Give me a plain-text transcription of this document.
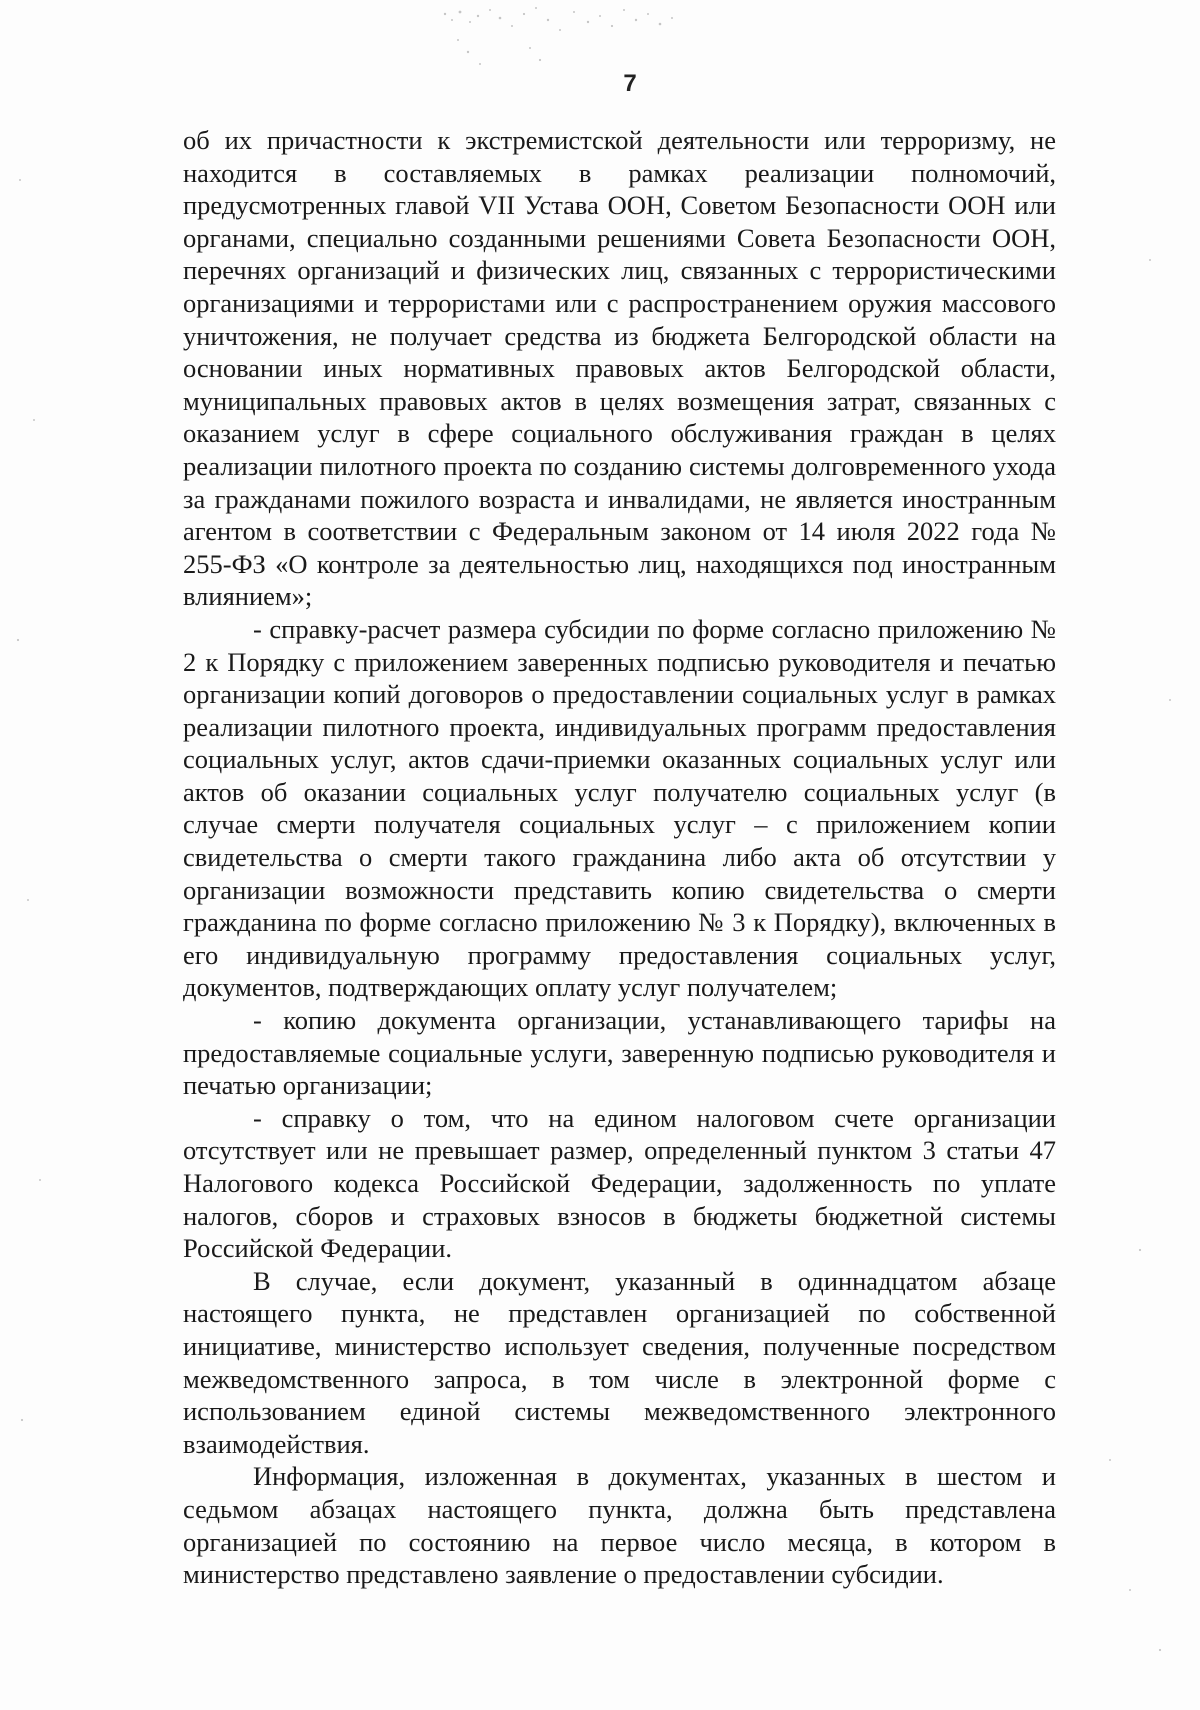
7

об их причастности к экстремистской деятельности или терроризму, не находится в составляемых в рамках реализации полномочий, предусмотренных главой VII Устава ООН, Советом Безопасности ООН или органами, специально созданными решениями Совета Безопасности ООН, перечнях организаций и физических лиц, связанных с террористическими организациями и террористами или с распространением оружия массового уничтожения, не получает средства из бюджета Белгородской области на основании иных нормативных правовых актов Белгородской области, муниципальных правовых актов в целях возмещения затрат, связанных с оказанием услуг в сфере социального обслуживания граждан в целях реализации пилотного проекта по созданию системы долговременного ухода за гражданами пожилого возраста и инвалидами, не является иностранным агентом в соответствии с Федеральным законом от 14 июля 2022 года № 255-ФЗ «О контроле за деятельностью лиц, находящихся под иностранным влиянием»;

- справку-расчет размера субсидии по форме согласно приложению № 2 к Порядку с приложением заверенных подписью руководителя и печатью организации копий договоров о предоставлении социальных услуг в рамках реализации пилотного проекта, индивидуальных программ предоставления социальных услуг, актов сдачи-приемки оказанных социальных услуг или актов об оказании социальных услуг получателю социальных услуг (в случае смерти получателя социальных услуг – с приложением копии свидетельства о смерти такого гражданина либо акта об отсутствии у организации возможности представить копию свидетельства о смерти гражданина по форме согласно приложению № 3 к Порядку), включенных в его индивидуальную программу предоставления социальных услуг, документов, подтверждающих оплату услуг получателем;

- копию документа организации, устанавливающего тарифы на предоставляемые социальные услуги, заверенную подписью руководителя и печатью организации;

- справку о том, что на едином налоговом счете организации отсутствует или не превышает размер, определенный пунктом 3 статьи 47 Налогового кодекса Российской Федерации, задолженность по уплате налогов, сборов и страховых взносов в бюджеты бюджетной системы Российской Федерации.

В случае, если документ, указанный в одиннадцатом абзаце настоящего пункта, не представлен организацией по собственной инициативе, министерство использует сведения, полученные посредством межведомственного запроса, в том числе в электронной форме с использованием единой системы межведомственного электронного взаимодействия.

Информация, изложенная в документах, указанных в шестом и седьмом абзацах настоящего пункта, должна быть представлена организацией по состоянию на первое число месяца, в котором в министерство представлено заявление о предоставлении субсидии.
